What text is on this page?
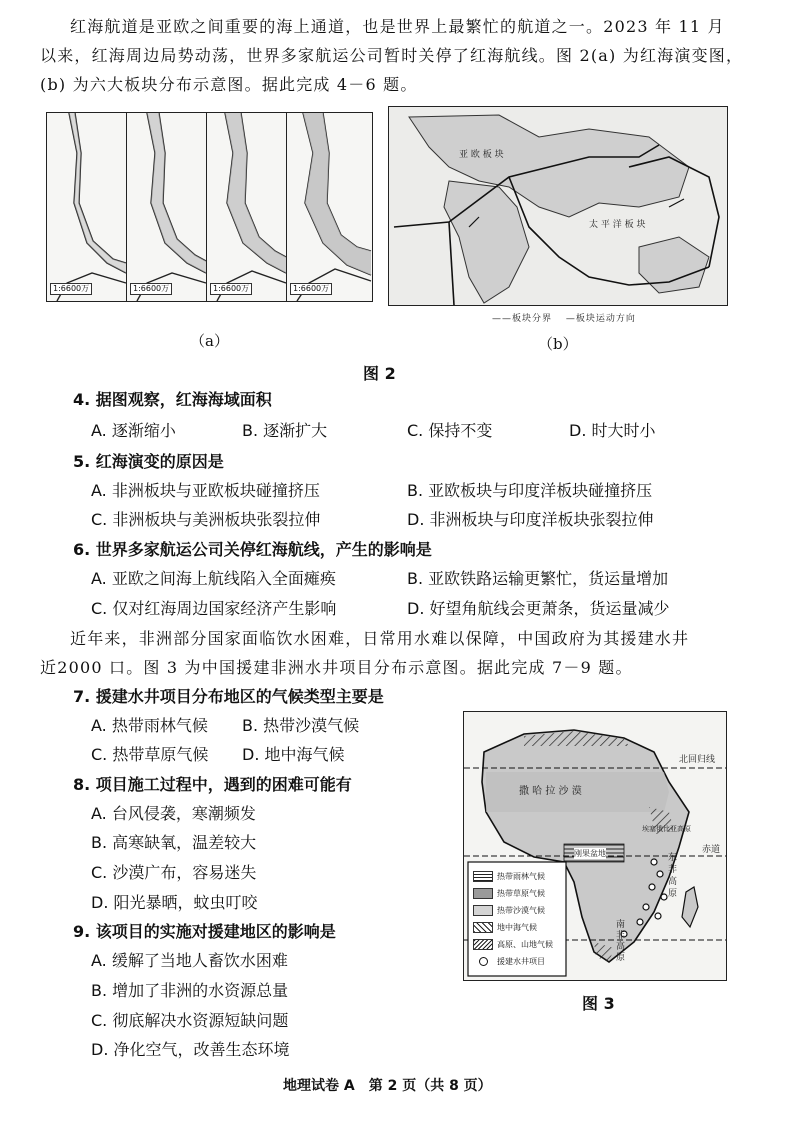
红海航道是亚欧之间重要的海上通道，也是世界上最繁忙的航道之一。2023 年 11 月
以来，红海周边局势动荡，世界多家航运公司暂时关停了红海航线。图 2(a) 为红海演变图，
(b) 为六大板块分布示意图。据此完成 4－6 题。
1:6600万	1:6600万	1:6600万	1:6600万
亚 欧 板 块
太 平 洋 板 块
——板块分界 —板块运动方向
（a）	（b）
图 2
4. 据图观察，红海海域面积
A. 逐渐缩小	B. 逐渐扩大	C. 保持不变	D. 时大时小
5. 红海演变的原因是
A. 非洲板块与亚欧板块碰撞挤压	B. 亚欧板块与印度洋板块碰撞挤压
C. 非洲板块与美洲板块张裂拉伸	D. 非洲板块与印度洋板块张裂拉伸
6. 世界多家航运公司关停红海航线，产生的影响是
A. 亚欧之间海上航线陷入全面瘫痪	B. 亚欧铁路运输更繁忙，货运量增加
C. 仅对红海周边国家经济产生影响	D. 好望角航线会更萧条，货运量减少
近年来，非洲部分国家面临饮水困难，日常用水难以保障，中国政府为其援建水井
近2000 口。图 3 为中国援建非洲水井项目分布示意图。据此完成 7－9 题。
7. 援建水井项目分布地区的气候类型主要是
A. 热带雨林气候 B. 热带沙漠气候
C. 热带草原气候 D. 地中海气候
8. 项目施工过程中，遇到的困难可能有
A. 台风侵袭，寒潮频发
B. 高寒缺氧，温差较大
C. 沙漠广布，容易迷失
D. 阳光暴晒，蚊虫叮咬
9. 该项目的实施对援建地区的影响是
A. 缓解了当地人畜饮水困难
B. 增加了非洲的水资源总量
C. 彻底解决水资源短缺问题
D. 净化空气，改善生态环境
北回归线
撒 哈 拉 沙 漠
埃塞俄比亚高原
赤道
刚果盆地	东 非 高 原
南 非 高 原
热带雨林气候
热带草原气候
热带沙漠气候
地中海气候
高原、山地气候
援建水井项目
图 3
地理试卷 A　第 2 页（共 8 页）
